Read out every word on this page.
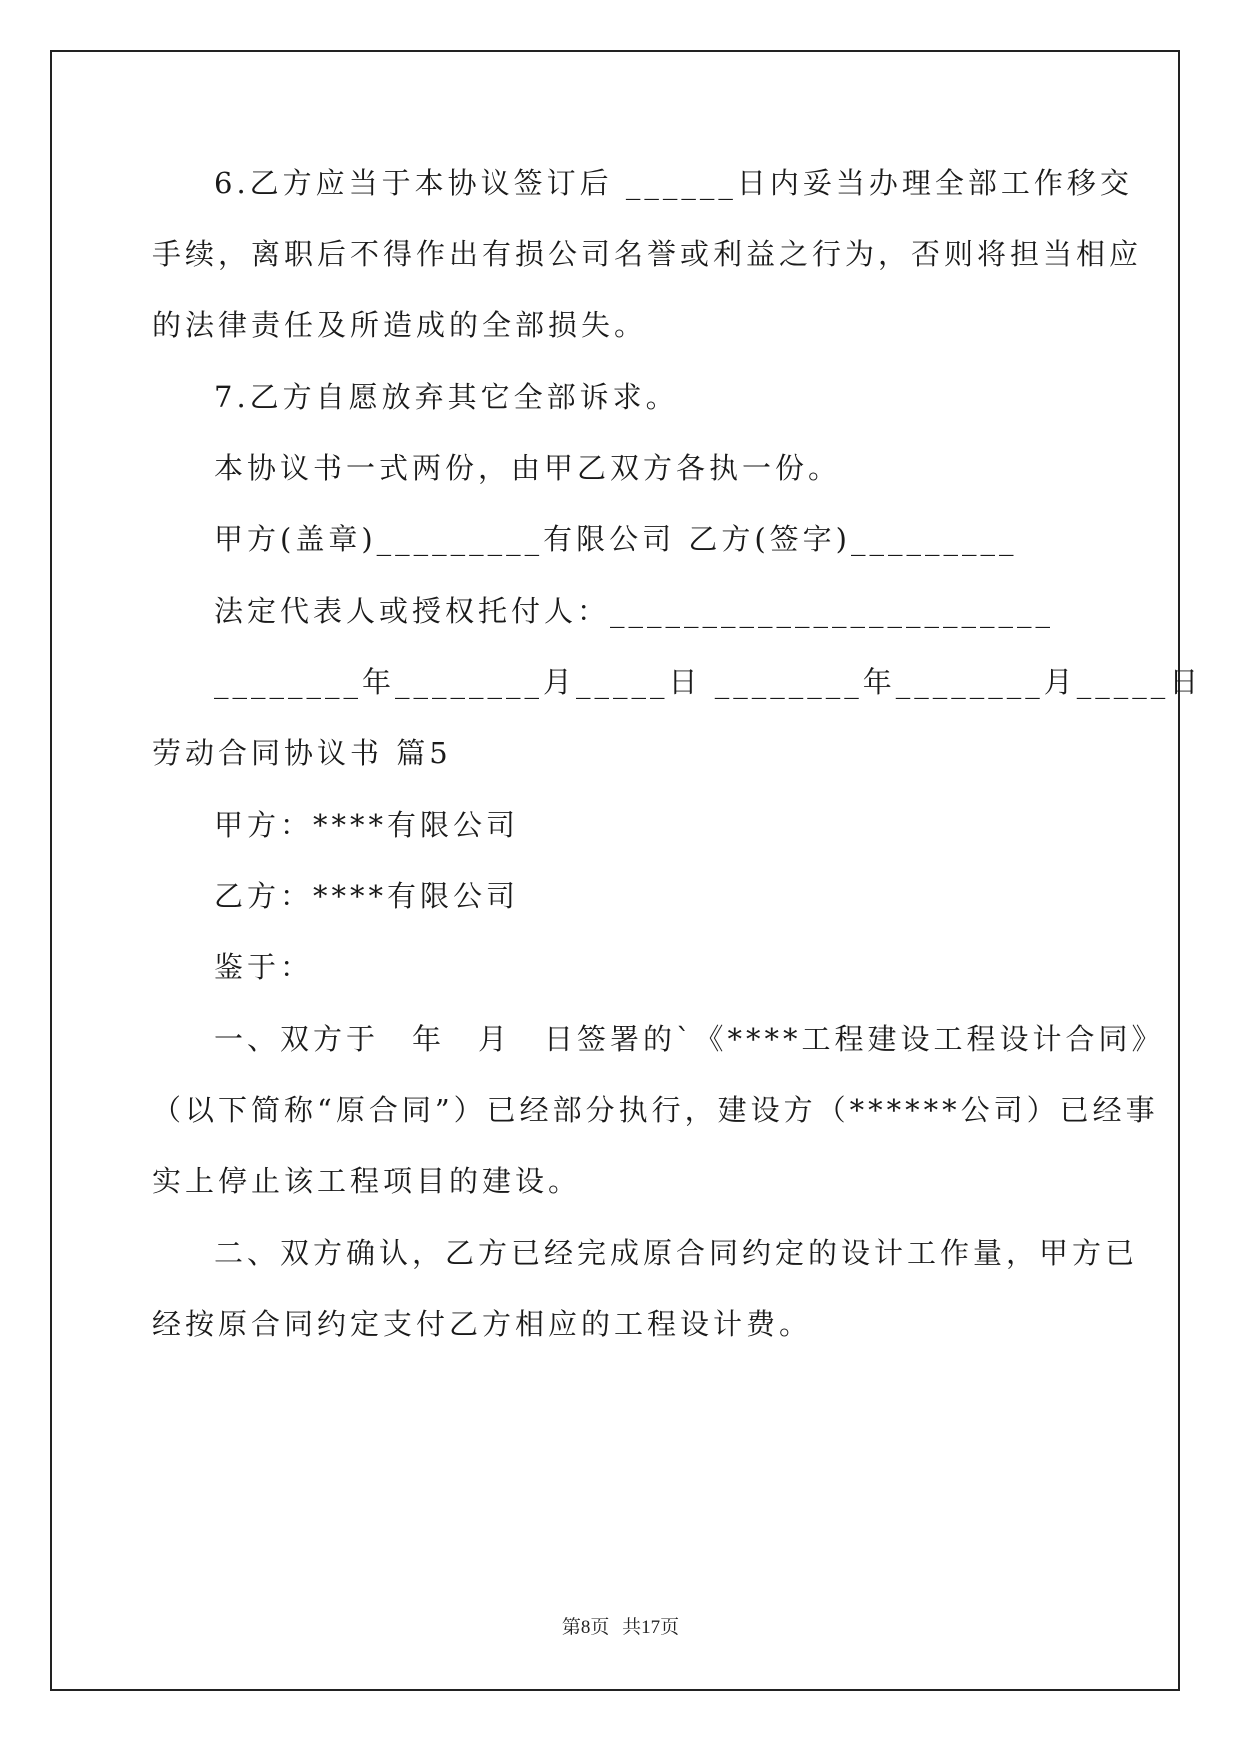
6.乙方应当于本协议签订后 ______日内妥当办理全部工作移交
手续，离职后不得作出有损公司名誉或利益之行为，否则将担当相应
的法律责任及所造成的全部损失。
7.乙方自愿放弃其它全部诉求。
本协议书一式两份，由甲乙双方各执一份。
甲方(盖章)_________有限公司 乙方(签字)_________
法定代表人或授权托付人：________________________
________年________月_____日 ________年________月_____日
劳动合同协议书 篇5
甲方：****有限公司
乙方：****有限公司
鉴于：
一、双方于　年　月　日签署的`《****工程建设工程设计合同》
（以下简称“原合同”）已经部分执行，建设方（******公司）已经事
实上停止该工程项目的建设。
二、双方确认，乙方已经完成原合同约定的设计工作量，甲方已
经按原合同约定支付乙方相应的工程设计费。
第8页 共17页
